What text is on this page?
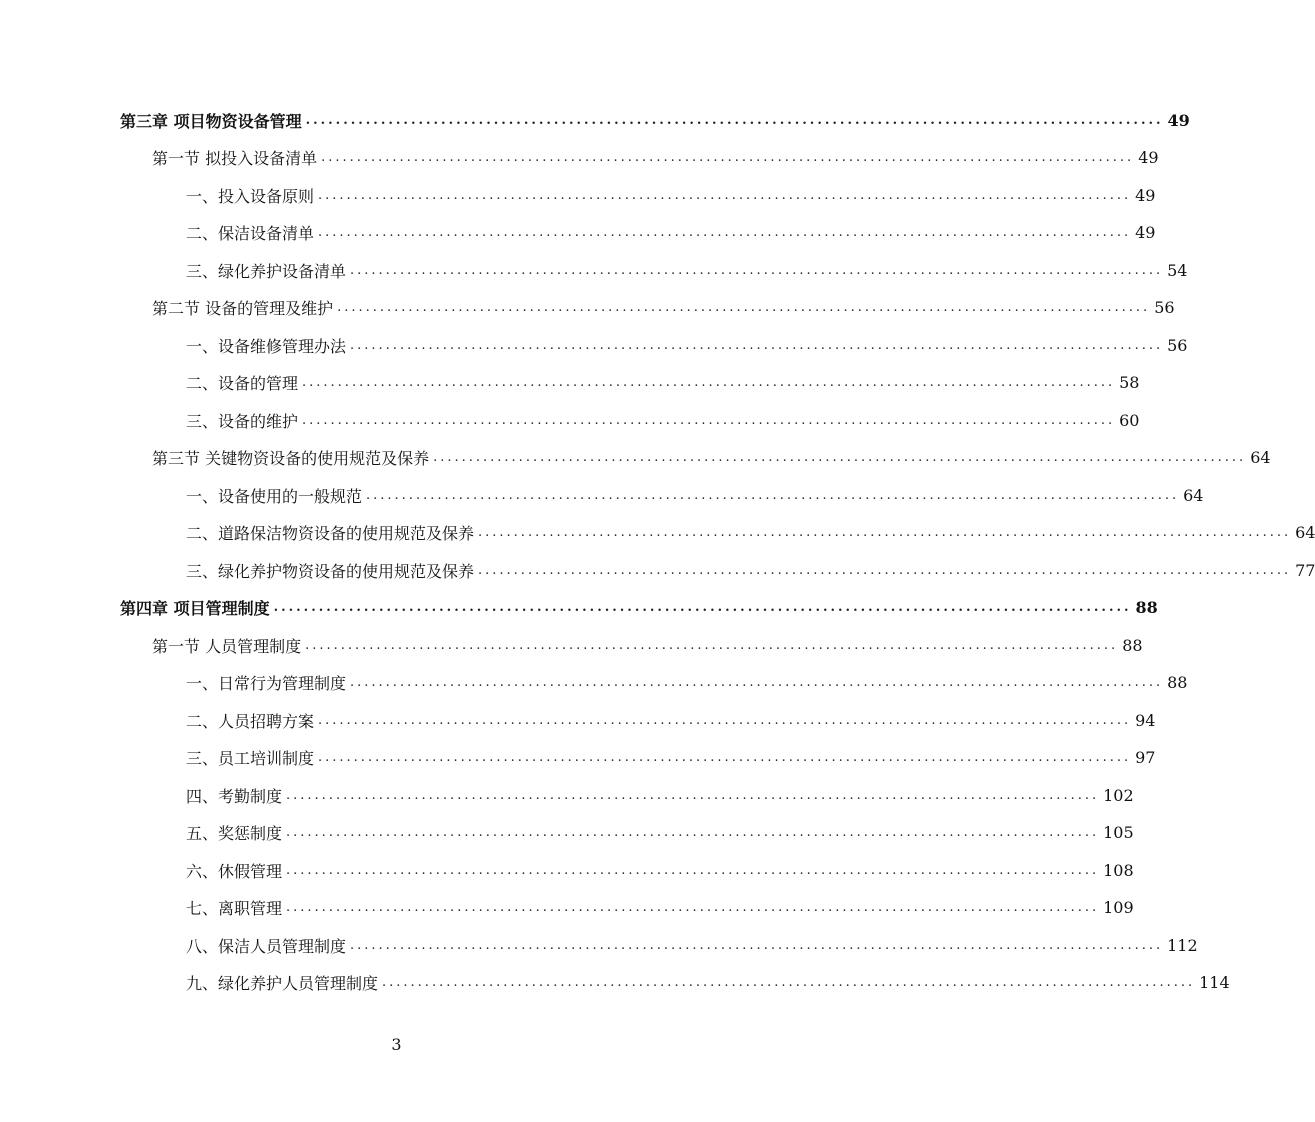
第三章 项目物资设备管理 .................................................................................................................. 49
第一节 拟投入设备清单 .................................................................................................................. 49
一、投入设备原则 .................................................................................................................. 49
二、保洁设备清单 .................................................................................................................. 49
三、绿化养护设备清单 .................................................................................................................. 54
第二节 设备的管理及维护 .................................................................................................................. 56
一、设备维修管理办法 .................................................................................................................. 56
二、设备的管理 .................................................................................................................. 58
三、设备的维护 .................................................................................................................. 60
第三节 关键物资设备的使用规范及保养 .................................................................................................................. 64
一、设备使用的一般规范 .................................................................................................................. 64
二、道路保洁物资设备的使用规范及保养 .................................................................................................................. 64
三、绿化养护物资设备的使用规范及保养 .................................................................................................................. 77
第四章 项目管理制度 .................................................................................................................. 88
第一节 人员管理制度 .................................................................................................................. 88
一、日常行为管理制度 .................................................................................................................. 88
二、人员招聘方案 .................................................................................................................. 94
三、员工培训制度 .................................................................................................................. 97
四、考勤制度 .................................................................................................................. 102
五、奖惩制度 .................................................................................................................. 105
六、休假管理 .................................................................................................................. 108
七、离职管理 .................................................................................................................. 109
八、保洁人员管理制度 .................................................................................................................. 112
九、绿化养护人员管理制度 .................................................................................................................. 114
3
